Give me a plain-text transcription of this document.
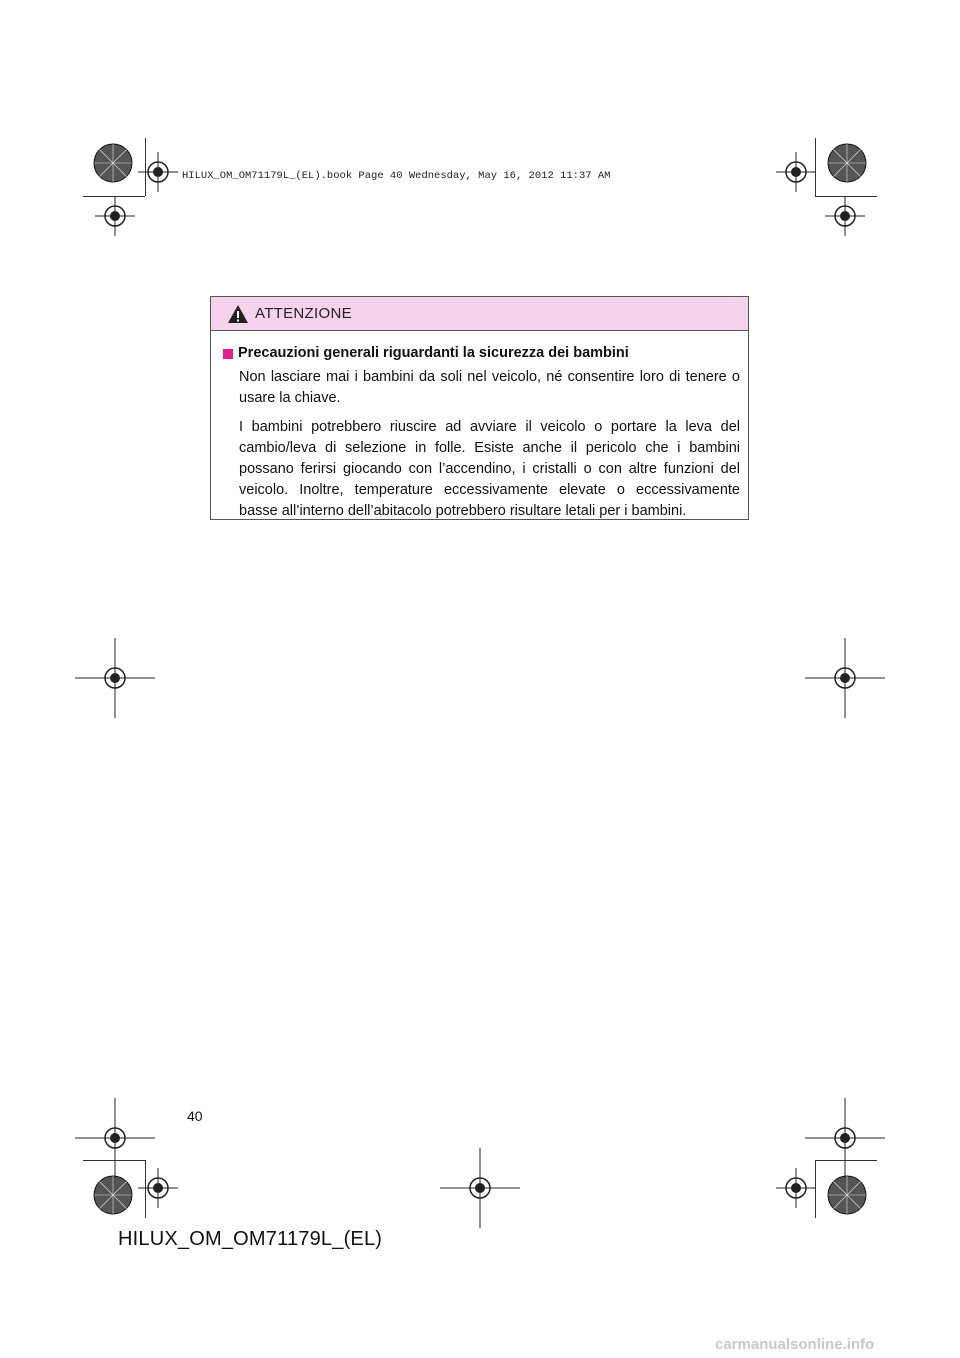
HILUX_OM_OM71179L_(EL).book Page 40 Wednesday, May 16, 2012 11:37 AM
ATTENZIONE
Precauzioni generali riguardanti la sicurezza dei bambini

Non lasciare mai i bambini da soli nel veicolo, né consentire loro di tenere o usare la chiave.

I bambini potrebbero riuscire ad avviare il veicolo o portare la leva del cambio/leva di selezione in folle. Esiste anche il pericolo che i bambini possano ferirsi giocando con l’accendino, i cristalli o con altre funzioni del veicolo. Inoltre, temperature eccessivamente elevate o eccessivamente basse all’interno dell’abitacolo potrebbero risultare letali per i bambini.

40
HILUX_OM_OM71179L_(EL)
carmanualsonline.info
